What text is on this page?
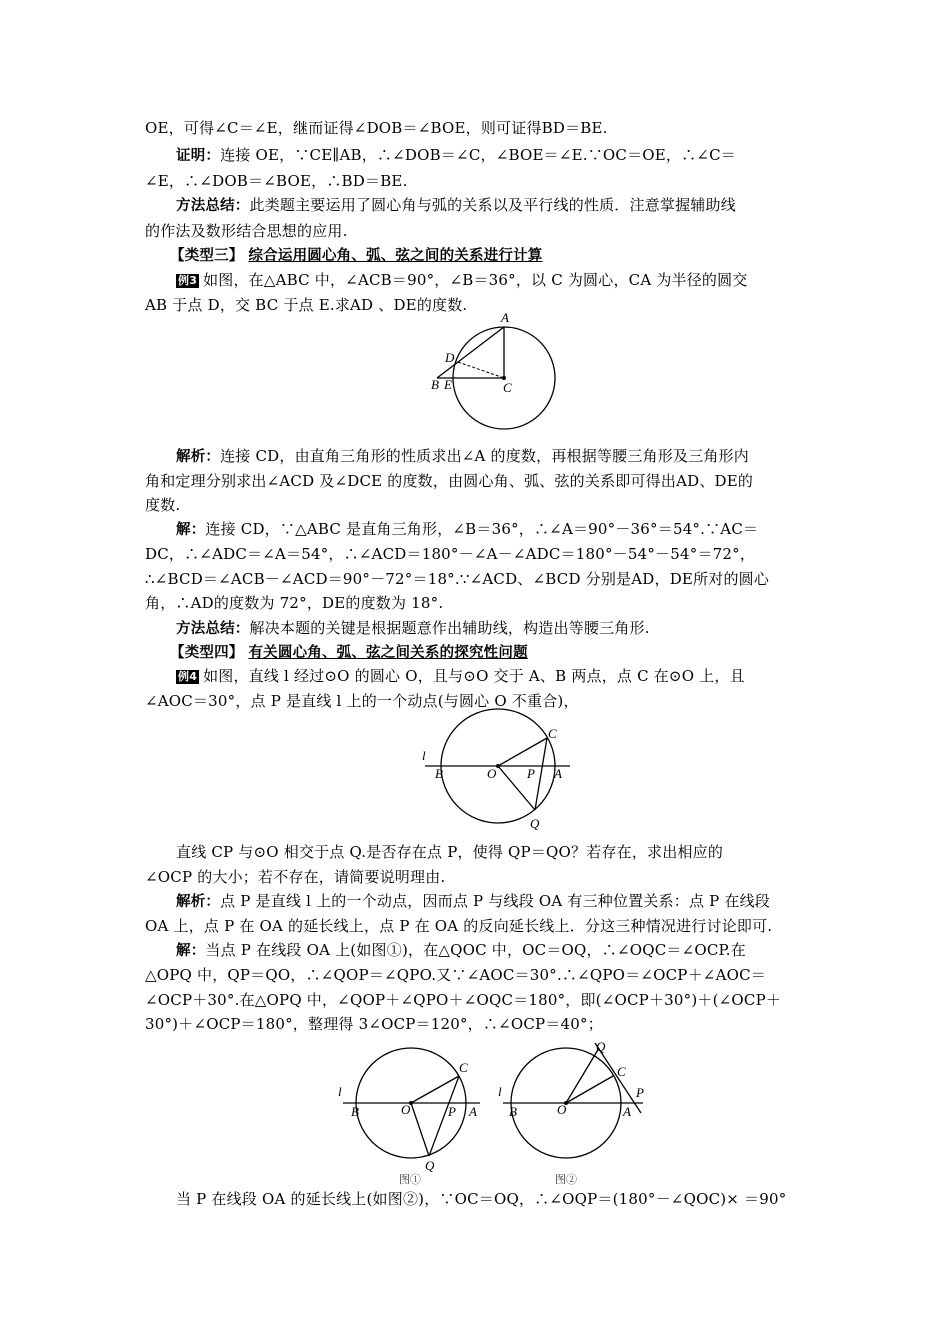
OE，可得∠C＝∠E，继而证得∠DOB＝∠BOE，则可证得BD＝BE.
证明：连接 OE，∵CE∥AB，∴∠DOB＝∠C，∠BOE＝∠E.∵OC＝OE，∴∠C＝
∠E，∴∠DOB＝∠BOE，∴BD＝BE.
方法总结：此类题主要运用了圆心角与弧的关系以及平行线的性质．注意掌握辅助线
的作法及数形结合思想的应用.
【类型三】 综合运用圆心角、弧、弦之间的关系进行计算
例3 如图，在△ABC 中，∠ACB＝90°，∠B＝36°，以 C 为圆心，CA 为半径的圆交
AB 于点 D，交 BC 于点 E.求AD 、DE的度数.
A
D
B E	C
解析：连接 CD，由直角三角形的性质求出∠A 的度数，再根据等腰三角形及三角形内
角和定理分别求出∠ACD 及∠DCE 的度数，由圆心角、弧、弦的关系即可得出AD、DE的
度数.
解：连接 CD，∵△ABC 是直角三角形，∠B＝36°，∴∠A＝90°－36°＝54°.∵AC＝
DC，∴∠ADC＝∠A＝54°，∴∠ACD＝180°－∠A－∠ADC＝180°－54°－54°＝72°，
∴∠BCD＝∠ACB－∠ACD＝90°－72°＝18°.∵∠ACD、∠BCD 分别是AD，DE所对的圆心
角，∴AD的度数为 72°，DE的度数为 18°.
方法总结：解决本题的关键是根据题意作出辅助线，构造出等腰三角形.
【类型四】 有关圆心角、弧、弦之间关系的探究性问题
例4 如图，直线 l 经过⊙O 的圆心 O，且与⊙O 交于 A、B 两点，点 C 在⊙O 上，且
∠AOC＝30°，点 P 是直线 l 上的一个动点(与圆心 O 不重合)，
l
B	O P A
C
Q
直线 CP 与⊙O 相交于点 Q.是否存在点 P，使得 QP＝QO？若存在，求出相应的
∠OCP 的大小；若不存在，请简要说明理由.
解析：点 P 是直线 l 上的一个动点，因而点 P 与线段 OA 有三种位置关系：点 P 在线段
OA 上，点 P 在 OA 的延长线上，点 P 在 OA 的反向延长线上．分这三种情况进行讨论即可.
解：当点 P 在线段 OA 上(如图①)，在△QOC 中，OC＝OQ，∴∠OQC＝∠OCP.在
△OPQ 中，QP＝QO，∴∠QOP＝∠QPO.又∵∠AOC＝30°.∴∠QPO＝∠OCP＋∠AOC＝
∠OCP＋30°.在△OPQ 中，∠QOP＋∠QPO＋∠OQC＝180°，即(∠OCP＋30°)＋(∠OCP＋
30°)＋∠OCP＝180°，整理得 3∠OCP＝120°，∴∠OCP＝40°；
l
B	O	P A
C
Q
图①
l
B	O	A
C
Q
P
图②
当 P 在线段 OA 的延长线上(如图②)，∵OC＝OQ，∴∠OQP＝(180°－∠QOC)× ＝90°
